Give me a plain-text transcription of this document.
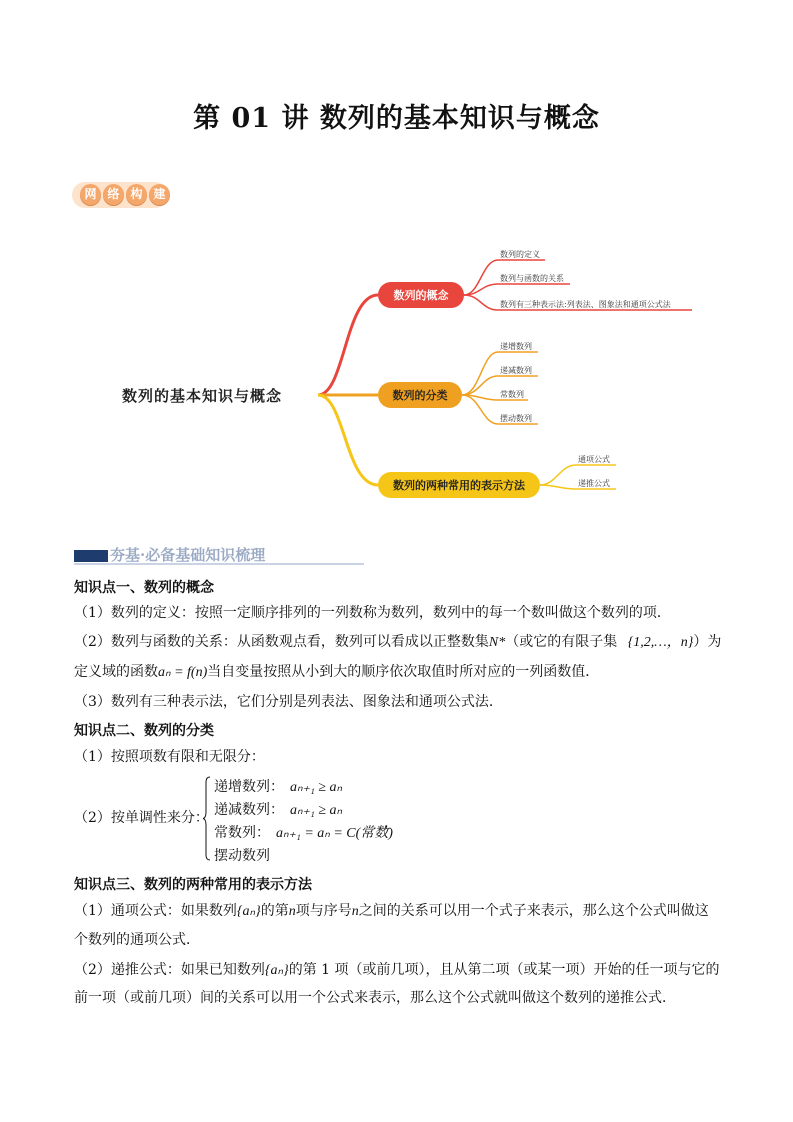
第 01 讲 数列的基本知识与概念
网 络 构 建
数列的基本知识与概念
数列的概念
数列的分类
数列的两种常用的表示方法
数列的定义
数列与函数的关系
数列有三种表示法:列表法、图象法和通项公式法
递增数列
递减数列
常数列
摆动数列
通项公式
递推公式
夯基·必备基础知识梳理
知识点一、数列的概念
（1）数列的定义：按照一定顺序排列的一列数称为数列，数列中的每一个数叫做这个数列的项．
（2）数列与函数的关系：从函数观点看，数列可以看成以正整数集N*（或它的有限子集 {1,2,…，n}）为
定义域的函数aₙ = f(n)当自变量按照从小到大的顺序依次取值时所对应的一列函数值．
（3）数列有三种表示法，它们分别是列表法、图象法和通项公式法．
知识点二、数列的分类
（1）按照项数有限和无限分：
（2）按单调性来分：
递增数列： aₙ₊₁ ≥ aₙ
递减数列： aₙ₊₁ ≥ aₙ
常数列： aₙ₊₁ = aₙ = C(常数)
摆动数列
，
知识点三、数列的两种常用的表示方法
（1）通项公式：如果数列{aₙ}的第n项与序号n之间的关系可以用一个式子来表示，那么这个公式叫做这
个数列的通项公式．
（2）递推公式：如果已知数列{aₙ}的第 1 项（或前几项），且从第二项（或某一项）开始的任一项与它的
前一项（或前几项）间的关系可以用一个公式来表示，那么这个公式就叫做这个数列的递推公式．
